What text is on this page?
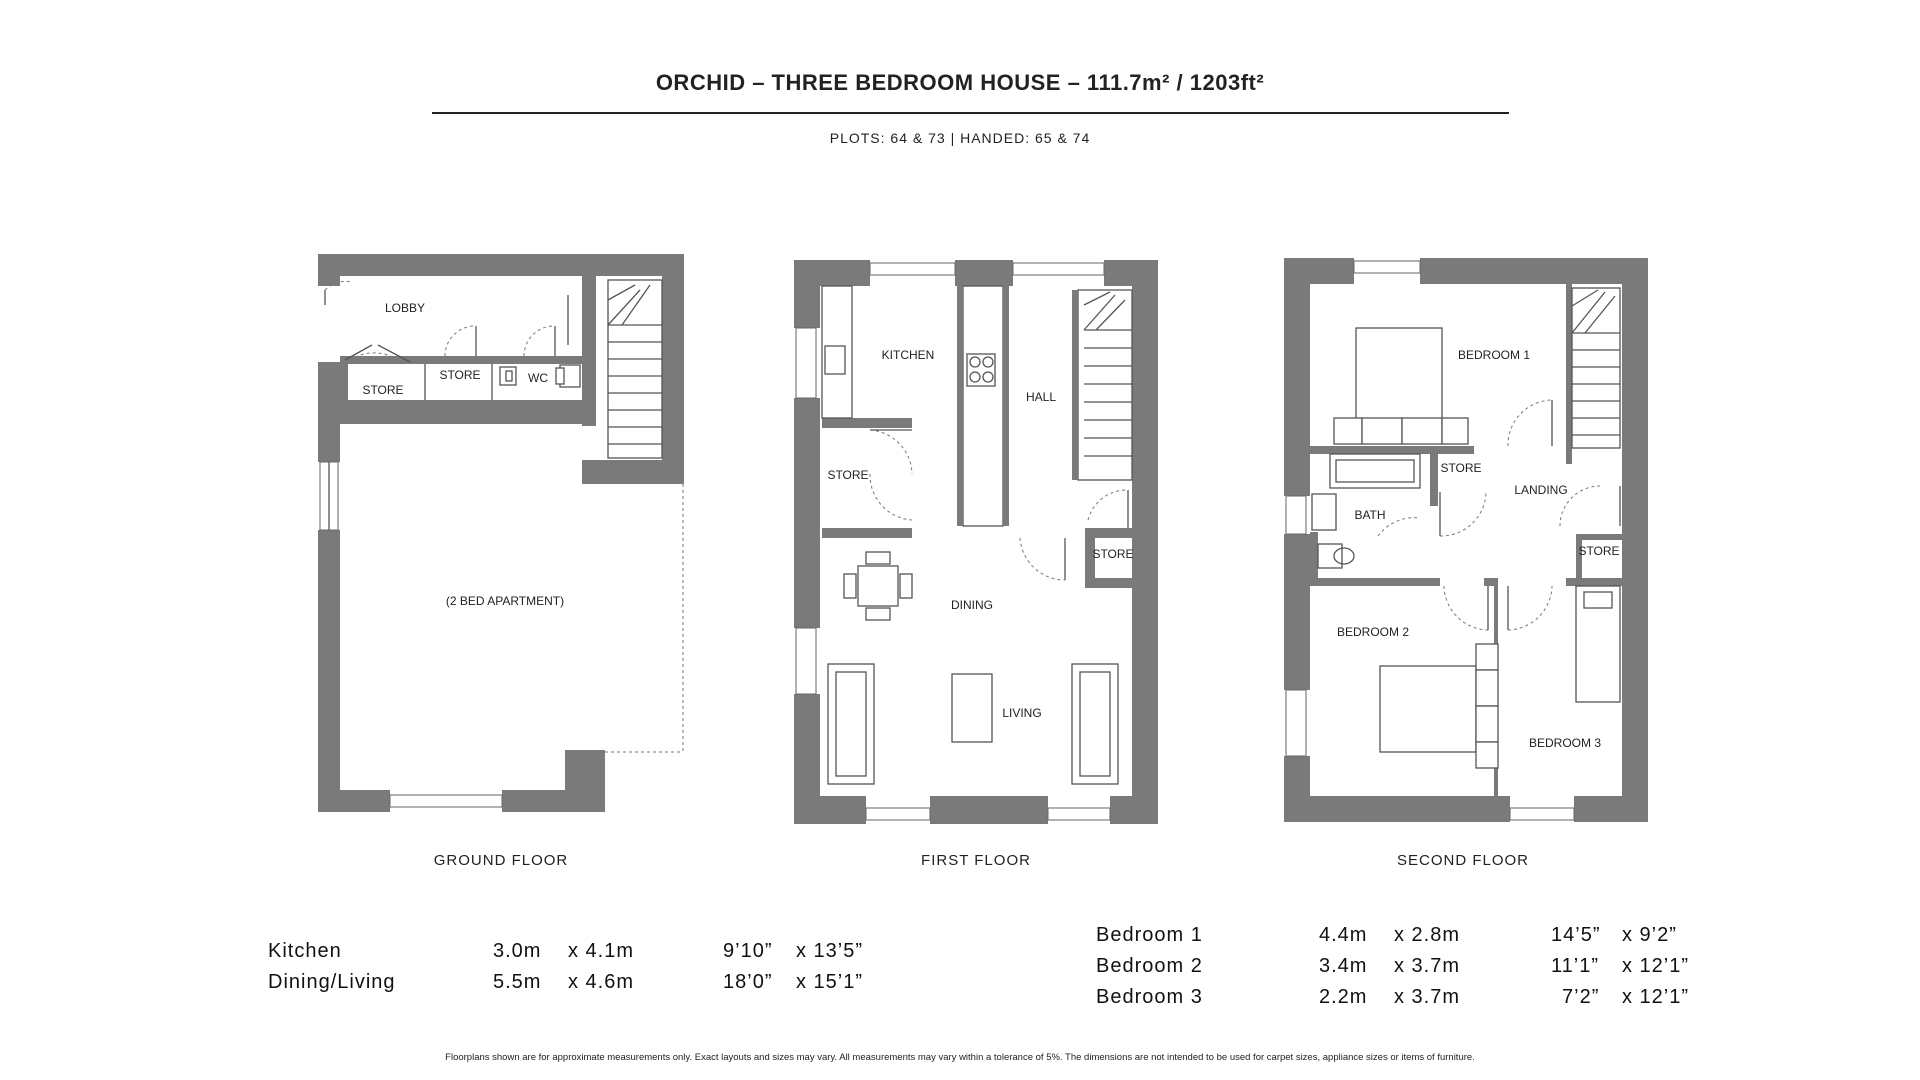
ORCHID – THREE BEDROOM HOUSE – 111.7m² / 1203ft²
PLOTS: 64 & 73 | HANDED: 65 & 74
LOBBY
STORE
STORE	WC
(2 BED APARTMENT)
KITCHEN
HALL
STORE
STORE
DINING
LIVING
BEDROOM 1
STORE
LANDING
BATH
STORE
BEDROOM 2
BEDROOM 3
GROUND FLOOR	FIRST FLOOR	SECOND FLOOR
Kitchen	3.0m x 4.1m	9’10” x 13’5”
Dining/Living	5.5m x 4.6m	18’0” x 15’1”
Bedroom 1	4.4m x 2.8m	14’5” x 9’2”
Bedroom 2	3.4m x 3.7m	11’1” x 12’1”
Bedroom 3	2.2m x 3.7m	7’2” x 12’1”
Floorplans shown are for approximate measurements only. Exact layouts and sizes may vary. All measurements may vary within a tolerance of 5%. The dimensions are not intended to be used for carpet sizes, appliance sizes or items of furniture.
